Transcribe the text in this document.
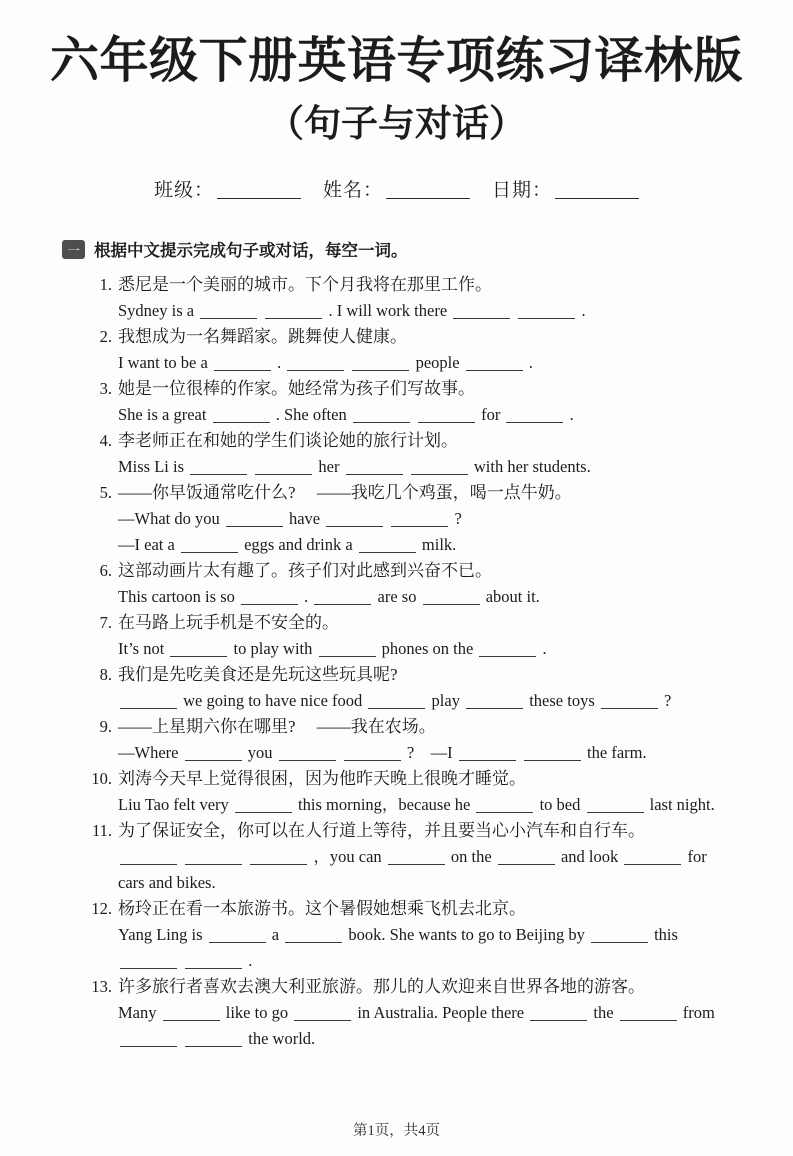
六年级下册英语专项练习译林版
（句子与对话）
班级：	姓名：	日期：
一 根据中文提示完成句子或对话，每空一词。
1. 悉尼是一个美丽的城市。下个月我将在那里工作。
Sydney is a	. I will work there	.
2. 我想成为一名舞蹈家。跳舞使人健康。
I want to be a	.	people	.
3. 她是一位很棒的作家。她经常为孩子们写故事。
She is a great	. She often	for	.
4. 李老师正在和她的学生们谈论她的旅行计划。
Miss Li is	her	with her students.
5. ——你早饭通常吃什么?　 ——我吃几个鸡蛋，喝一点牛奶。
—What do you	have	?
—I eat a	eggs and drink a	milk.
6. 这部动画片太有趣了。孩子们对此感到兴奋不已。
This cartoon is so	.	are so	about it.
7. 在马路上玩手机是不安全的。
It’s not	to play with	phones on the	.
8. 我们是先吃美食还是先玩这些玩具呢?
we going to have nice food	play	these toys	?
9. ——上星期六你在哪里?　 ——我在农场。
—Where	you	?　—I	the farm.
10. 刘涛今天早上觉得很困，因为他昨天晚上很晚才睡觉。
Liu Tao felt very	this morning，because he	to bed	last night.
11. 为了保证安全，你可以在人行道上等待，并且要当心小汽车和自行车。
，you can	on the	and look	for
cars and bikes.
12. 杨玲正在看一本旅游书。这个暑假她想乘飞机去北京。
Yang Ling is	a	book. She wants to go to Beijing by	this
.
13. 许多旅行者喜欢去澳大利亚旅游。那儿的人欢迎来自世界各地的游客。
Many	like to go	in Australia. People there	the	from
the world.
第1页，共4页
